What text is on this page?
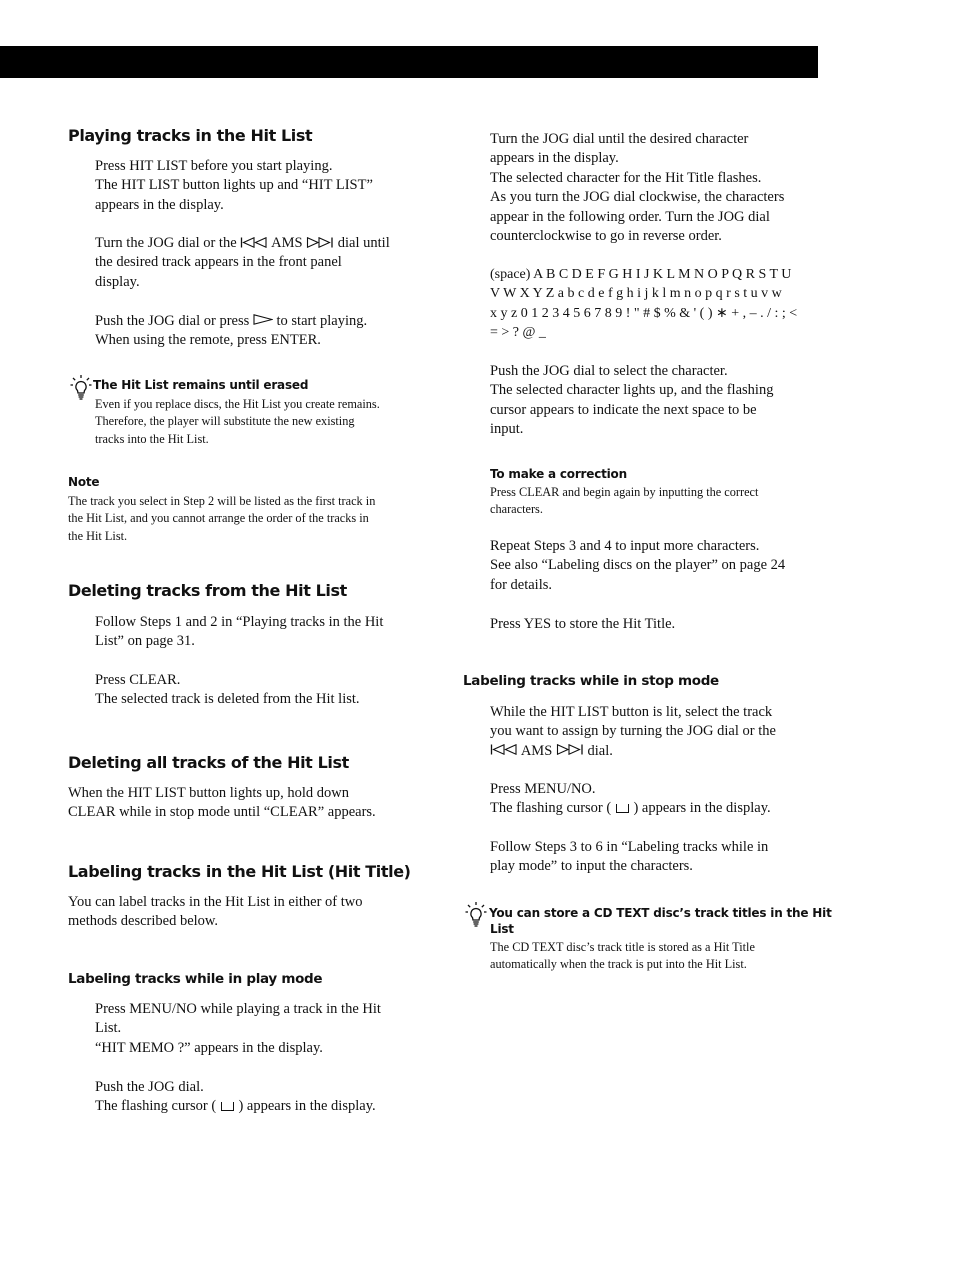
Playing tracks in the Hit List

Press HIT LIST before you start playing.
The HIT LIST button lights up and “HIT LIST”
appears in the display.

Turn the JOG dial or the  AMS  dial until
the desired track appears in the front panel
display.

Push the JOG dial or press  to start playing.
When using the remote, press ENTER.

The Hit List remains until erased

Even if you replace discs, the Hit List you create remains.
Therefore, the player will substitute the new existing
tracks into the Hit List.

Note

The track you select in Step 2 will be listed as the first track in
the Hit List, and you cannot arrange the order of the tracks in
the Hit List.

Deleting tracks from the Hit List

Follow Steps 1 and 2 in “Playing tracks in the Hit
List” on page 31.

Press CLEAR.
The selected track is deleted from the Hit list.

Deleting all tracks of the Hit List

When the HIT LIST button lights up, hold down
CLEAR while in stop mode until “CLEAR” appears.

Labeling tracks in the Hit List (Hit Title)

You can label tracks in the Hit List in either of two
methods described below.

Labeling tracks while in play mode

Press MENU/NO while playing a track in the Hit
List.
“HIT MEMO ?” appears in the display.

Push the JOG dial.
The flashing cursor ( ) appears in the display.

Turn the JOG dial until the desired character
appears in the display.
The selected character for the Hit Title flashes.
As you turn the JOG dial clockwise, the characters
appear in the following order. Turn the JOG dial
counterclockwise to go in reverse order.

(space) A B C D E F G H I J K L M N O P Q R S T U
V W X Y Z a b c d e f g h i j k l m n o p q r s t u v w
x y z 0 1 2 3 4 5 6 7 8 9 ! " # $ % & ' ( ) ∗ + , – . / : ; <
= > ? @ _

Push the JOG dial to select the character.
The selected character lights up, and the flashing
cursor appears to indicate the next space to be
input.

To make a correction

Press CLEAR and begin again by inputting the correct
characters.

Repeat Steps 3 and 4 to input more characters.
See also “Labeling discs on the player” on page 24
for details.

Press YES to store the Hit Title.

Labeling tracks while in stop mode

While the HIT LIST button is lit, select the track
you want to assign by turning the JOG dial or the
AMS  dial.

Press MENU/NO.
The flashing cursor ( ) appears in the display.

Follow Steps 3 to 6 in “Labeling tracks while in
play mode” to input the characters.

You can store a CD TEXT disc’s track titles in the Hit
List

The CD TEXT disc’s track title is stored as a Hit Title
automatically when the track is put into the Hit List.
